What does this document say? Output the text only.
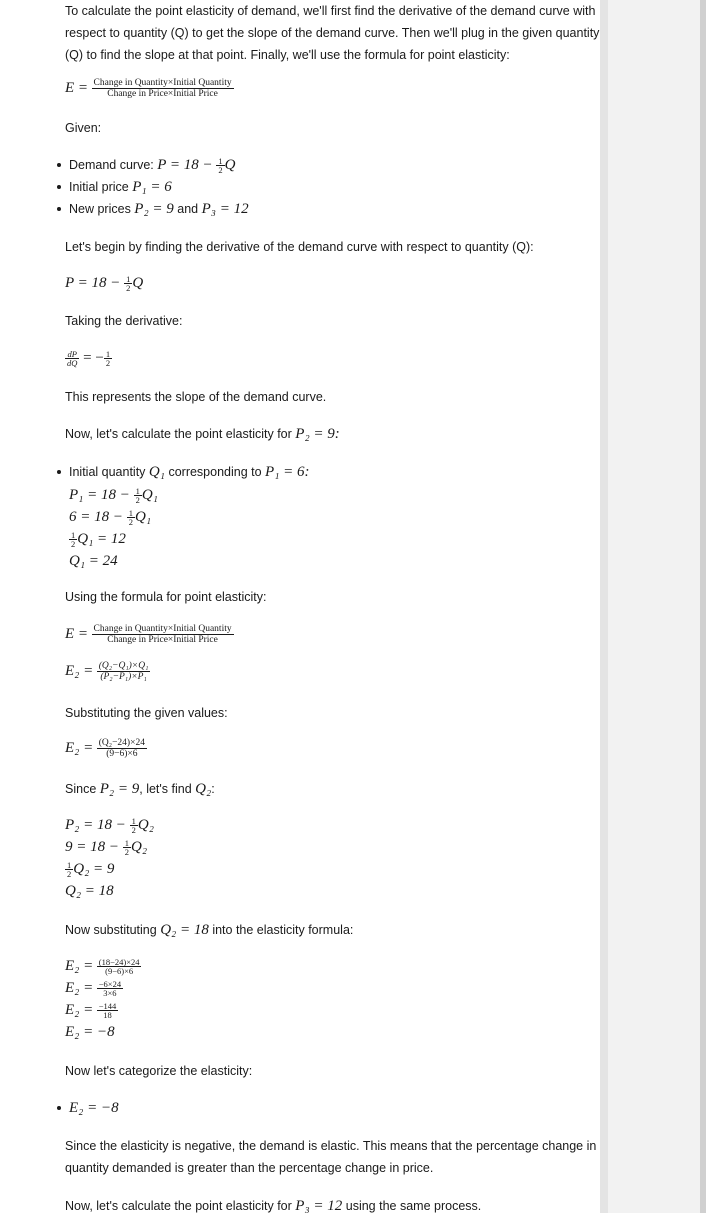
To calculate the point elasticity of demand, we'll first find the derivative of the demand curve with respect to quantity (Q) to get the slope of the demand curve. Then we'll plug in the given quantity (Q) to find the slope at that point. Finally, we'll use the formula for point elasticity:
$E = \frac{\text{Change in Quantity×Initial Quantity}}{\text{Change in Price×Initial Price}}$
Given:
Demand curve: $P = 18 - \frac{1}{2}$ Q
Initial price P₁ = 6
New prices P₂ = 9 and P₃ = 12
Let's begin by finding the derivative of the demand curve with respect to quantity (Q):
$P = 18 - \frac{1}{2}$ Q
Taking the derivative:
$\frac{dP}{dQ}$ = − $\frac{1}{2}$
This represents the slope of the demand curve.
Now, let's calculate the point elasticity for P₂ = 9:
Initial quantity Q₁ corresponding to P₁ = 6:
$P_1 = 18 - \frac{1}{2} Q_1$
$6 = 18 - \frac{1}{2} Q_1$
$\frac{1}{2} Q_1 = 12$
Q₁ = 24
Using the formula for point elasticity:
$E = \frac{\text{Change in Quantity×Initial Quantity}}{\text{Change in Price×Initial Price}}$
$E_2 = \frac{\text{(Q₂−Q₁)×Q₁}}{\text{(P₂−P₁)×P₁}}$
Substituting the given values:
$E_2 = \frac{\text{(Q₂−24)×24}}{(9-6)\times 6}$
Since P₂ = 9, let's find Q₂:
$P_2 = 18 - \frac{1}{2} Q_2$
$9 = 18 - \frac{1}{2} Q_2$
$\frac{1}{2} Q_2 = 9$
Q₂ = 18
Now substituting Q₂ = 18 into the elasticity formula:
$E_2 = \frac{(18-24)\times 24}{(9-6)\times 6}$
$E_2 = \frac{-6\times 24}{3\times 6}$
$E_2 = \frac{-144}{18}$
E₂ = −8
Now let's categorize the elasticity:
E₂ = −8
Since the elasticity is negative, the demand is elastic. This means that the percentage change in quantity demanded is greater than the percentage change in price.
Now, let's calculate the point elasticity for P₃ = 12 using the same process.
